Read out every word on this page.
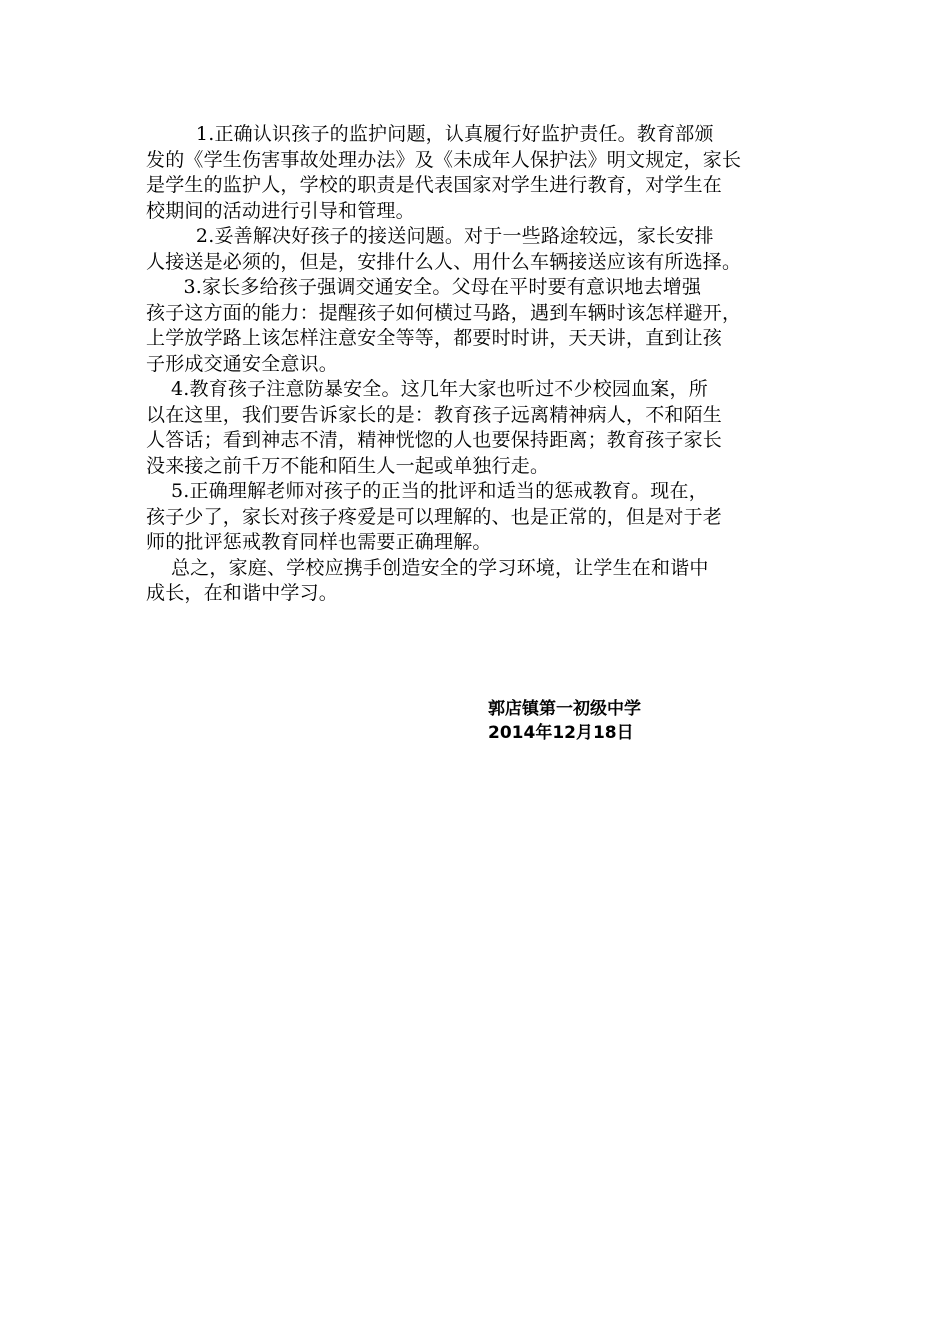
1.正确认识孩子的监护问题，认真履行好监护责任。教育部颁
发的《学生伤害事故处理办法》及《未成年人保护法》明文规定，家长
是学生的监护人，学校的职责是代表国家对学生进行教育，对学生在
校期间的活动进行引导和管理。

2.妥善解决好孩子的接送问题。对于一些路途较远，家长安排
人接送是必须的，但是，安排什么人、用什么车辆接送应该有所选择。

3.家长多给孩子强调交通安全。父母在平时要有意识地去增强
孩子这方面的能力：提醒孩子如何横过马路，遇到车辆时该怎样避开，
上学放学路上该怎样注意安全等等，都要时时讲，天天讲，直到让孩
子形成交通安全意识。

4.教育孩子注意防暴安全。这几年大家也听过不少校园血案，所
以在这里，我们要告诉家长的是：教育孩子远离精神病人，不和陌生
人答话；看到神志不清，精神恍惚的人也要保持距离；教育孩子家长
没来接之前千万不能和陌生人一起或单独行走。

5.正确理解老师对孩子的正当的批评和适当的惩戒教育。现在，
孩子少了，家长对孩子疼爱是可以理解的、也是正常的，但是对于老
师的批评惩戒教育同样也需要正确理解。

总之，家庭、学校应携手创造安全的学习环境，让学生在和谐中
成长，在和谐中学习。

郭店镇第一初级中学
2014年12月18日
